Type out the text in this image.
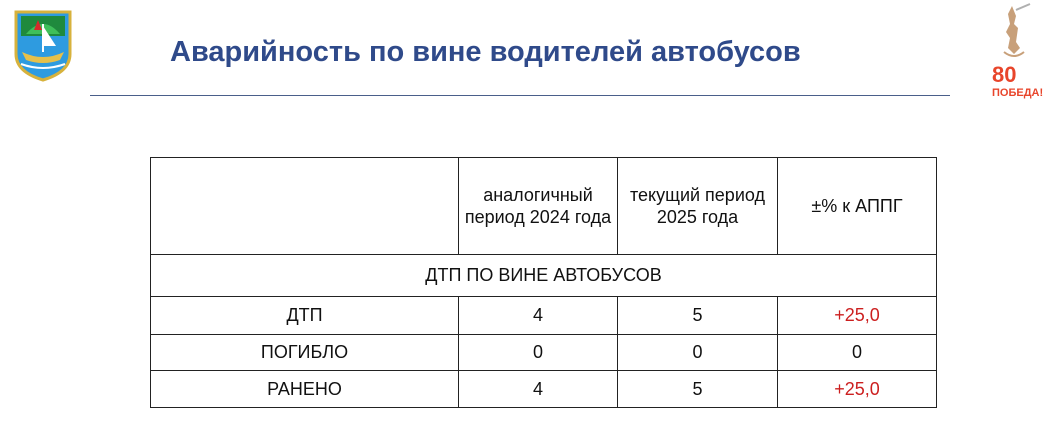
80
ПОБЕДА!
Аварийность по вине водителей автобусов
	аналогичный период 2024 года	текущий период 2025 года	±% к АППГ
ДТП ПО ВИНЕ АВТОБУСОВ			
ДТП	4	5	+25,0
ПОГИБЛО	0	0	0
РАНЕНО	4	5	+25,0
